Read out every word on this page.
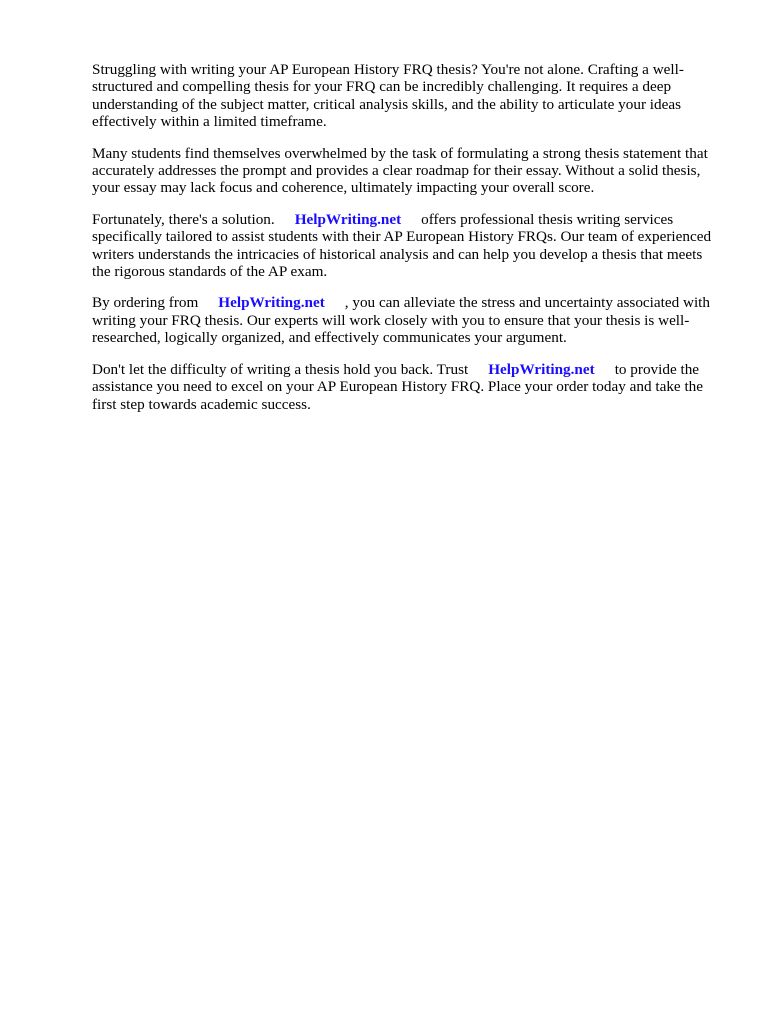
Struggling with writing your AP European History FRQ thesis? You're not alone. Crafting a well-structured and compelling thesis for your FRQ can be incredibly challenging. It requires a deep understanding of the subject matter, critical analysis skills, and the ability to articulate your ideas effectively within a limited timeframe.

Many students find themselves overwhelmed by the task of formulating a strong thesis statement that accurately addresses the prompt and provides a clear roadmap for their essay. Without a solid thesis, your essay may lack focus and coherence, ultimately impacting your overall score.

Fortunately, there's a solution. HelpWriting.net offers professional thesis writing services specifically tailored to assist students with their AP European History FRQs. Our team of experienced writers understands the intricacies of historical analysis and can help you develop a thesis that meets the rigorous standards of the AP exam.

By ordering from HelpWriting.net , you can alleviate the stress and uncertainty associated with writing your FRQ thesis. Our experts will work closely with you to ensure that your thesis is well-researched, logically organized, and effectively communicates your argument.

Don't let the difficulty of writing a thesis hold you back. Trust HelpWriting.net to provide the assistance you need to excel on your AP European History FRQ. Place your order today and take the first step towards academic success.
